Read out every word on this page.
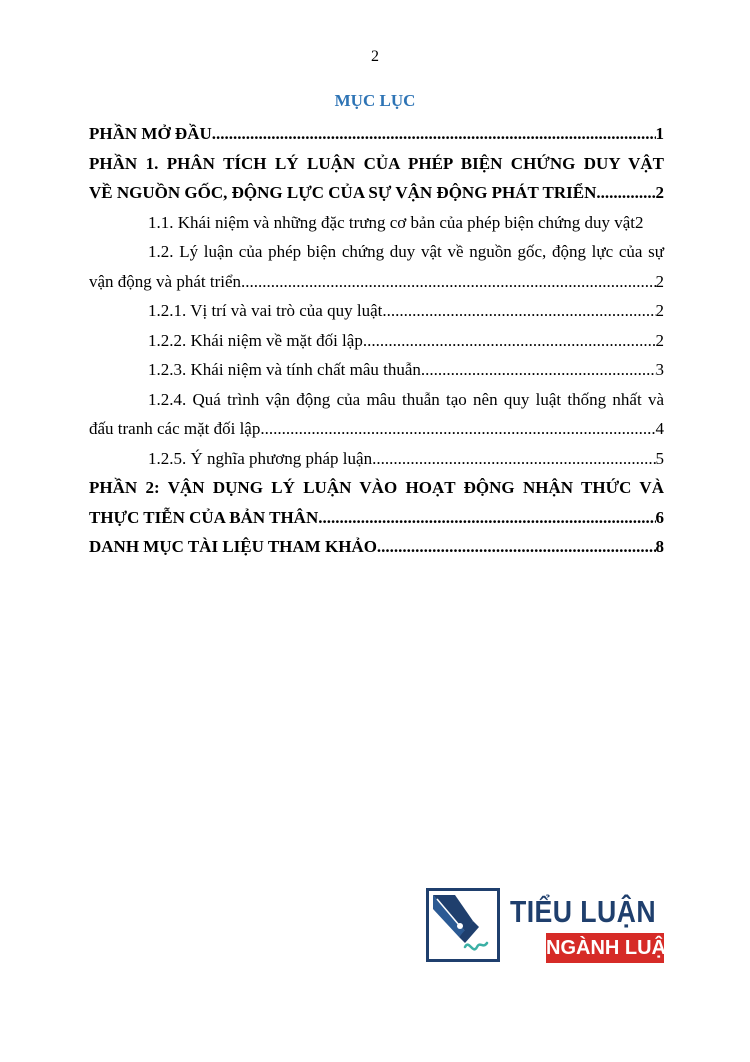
2
MỤC LỤC
PHẦN MỞ ĐẦU .....	1
PHẦN 1. PHÂN TÍCH LÝ LUẬN CỦA PHÉP BIỆN CHỨNG DUY VẬT
VỀ NGUỒN GỐC, ĐỘNG LỰC CỦA SỰ VẬN ĐỘNG PHÁT TRIỂN .....	2
1.1. Khái niệm và những đặc trưng cơ bản của phép biện chứng duy vật 2
1.2. Lý luận của phép biện chứng duy vật về nguồn gốc, động lực của sự
vận động và phát triển .....	2
1.2.1. Vị trí và vai trò của quy luật .....	2
1.2.2. Khái niệm về mặt đối lập .....	2
1.2.3. Khái niệm và tính chất mâu thuẫn .....	3
1.2.4. Quá trình vận động của mâu thuẫn tạo nên quy luật thống nhất và
đấu tranh các mặt đối lập .....	4
1.2.5. Ý nghĩa phương pháp luận .....	5
PHẦN 2: VẬN DỤNG LÝ LUẬN VÀO HOẠT ĐỘNG NHẬN THỨC VÀ
THỰC TIỄN CỦA BẢN THÂN .....	6
DANH MỤC TÀI LIỆU THAM KHẢO .....	8
TIỂU LUẬN
NGÀNH LUẬT
